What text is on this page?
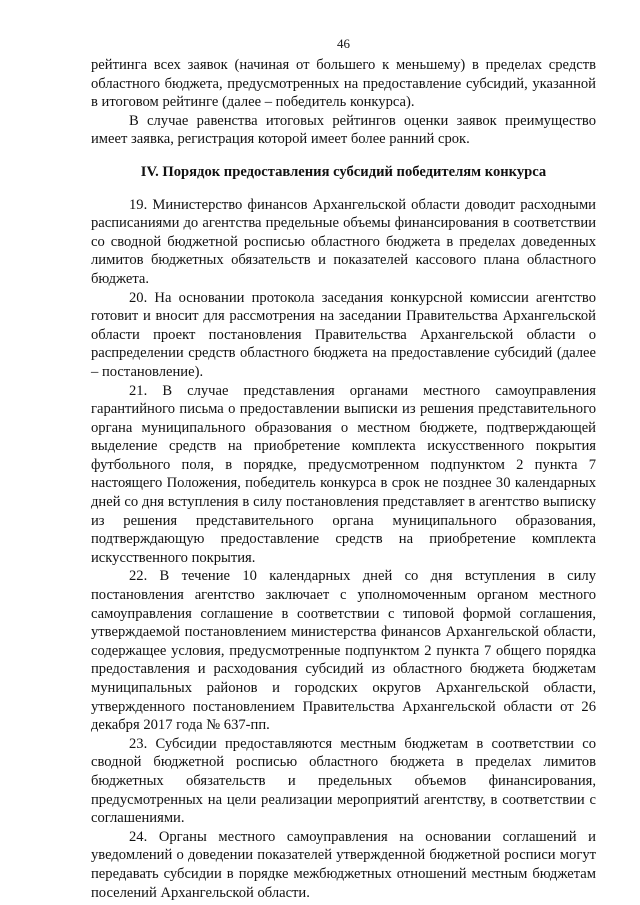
46

рейтинга всех заявок (начиная от большего к меньшему) в пределах средств областного бюджета, предусмотренных на предоставление субсидий, указанной в итоговом рейтинге (далее – победитель конкурса).

В случае равенства итоговых рейтингов оценки заявок преимущество имеет заявка, регистрация которой имеет более ранний срок.

IV. Порядок предоставления субсидий победителям конкурса

19. Министерство финансов Архангельской области доводит расходными расписаниями до агентства предельные объемы финансирования в соответствии со сводной бюджетной росписью областного бюджета в пределах доведенных лимитов бюджетных обязательств и показателей кассового плана областного бюджета.

20. На основании протокола заседания конкурсной комиссии агентство готовит и вносит для рассмотрения на заседании Правительства Архангельской области проект постановления Правительства Архангельской области о распределении средств областного бюджета на предоставление субсидий (далее – постановление).

21. В случае представления органами местного самоуправления гарантийного письма о предоставлении выписки из решения представительного органа муниципального образования о местном бюджете, подтверждающей выделение средств на приобретение комплекта искусственного покрытия футбольного поля, в порядке, предусмотренном подпунктом 2 пункта 7 настоящего Положения, победитель конкурса в срок не позднее 30 календарных дней со дня вступления в силу постановления представляет в агентство выписку из решения представительного органа муниципального образования, подтверждающую предоставление средств на приобретение комплекта искусственного покрытия.

22. В течение 10 календарных дней со дня вступления в силу постановления агентство заключает с уполномоченным органом местного самоуправления соглашение в соответствии с типовой формой соглашения, утверждаемой постановлением министерства финансов Архангельской области, содержащее условия, предусмотренные подпунктом 2 пункта 7 общего порядка предоставления и расходования субсидий из областного бюджета бюджетам муниципальных районов и городских округов Архангельской области, утвержденного постановлением Правительства Архангельской области от 26 декабря 2017 года № 637-пп.

23. Субсидии предоставляются местным бюджетам в соответствии со сводной бюджетной росписью областного бюджета в пределах лимитов бюджетных обязательств и предельных объемов финансирования, предусмотренных на цели реализации мероприятий агентству, в соответствии с соглашениями.

24. Органы местного самоуправления на основании соглашений и уведомлений о доведении показателей утвержденной бюджетной росписи могут передавать субсидии в порядке межбюджетных отношений местным бюджетам поселений Архангельской области.
